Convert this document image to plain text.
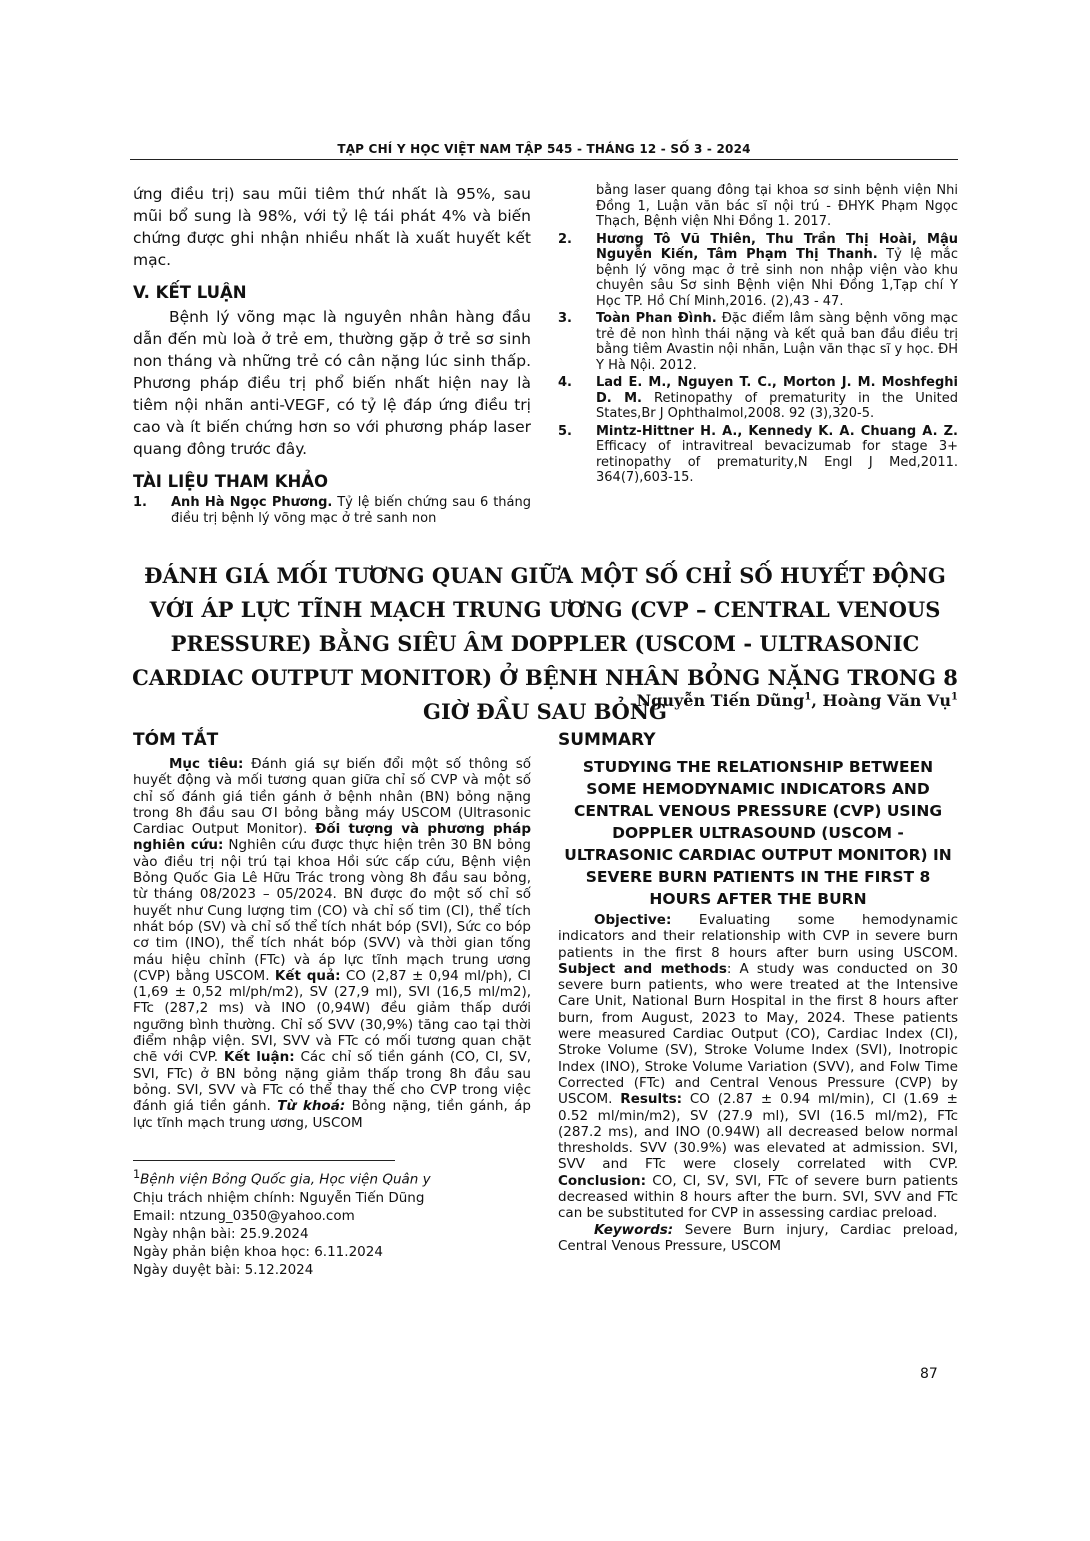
TẠP CHÍ Y HỌC VIỆT NAM TẬP 545 - THÁNG 12 - SỐ 3 - 2024

ứng điều trị) sau mũi tiêm thứ nhất là 95%, sau mũi bổ sung là 98%, với tỷ lệ tái phát 4% và biến chứng được ghi nhận nhiều nhất là xuất huyết kết mạc.

V. KẾT LUẬN

Bệnh lý võng mạc là nguyên nhân hàng đầu dẫn đến mù loà ở trẻ em, thường gặp ở trẻ sơ sinh non tháng và những trẻ có cân nặng lúc sinh thấp. Phương pháp điều trị phổ biến nhất hiện nay là tiêm nội nhãn anti-VEGF, có tỷ lệ đáp ứng điều trị cao và ít biến chứng hơn so với phương pháp laser quang đông trước đây.

TÀI LIỆU THAM KHẢO
1.	Anh Hà Ngọc Phương. Tỷ lệ biến chứng sau 6 tháng điều trị bệnh lý võng mạc ở trẻ sanh non

bằng laser quang đông tại khoa sơ sinh bệnh viện Nhi Đồng 1, Luận văn bác sĩ nội trú - ĐHYK Phạm Ngọc Thạch, Bệnh viện Nhi Đồng 1. 2017.

2.	Hương Tô Vũ Thiên, Thu Trần Thị Hoài, Mậu Nguyễn Kiến, Tâm Phạm Thị Thanh. Tỷ lệ mắc bệnh lý võng mạc ở trẻ sinh non nhập viện vào khu chuyên sâu Sơ sinh Bệnh viện Nhi Đồng 1,Tạp chí Y Học TP. Hồ Chí Minh,2016. (2),43 - 47.
3.	Toàn Phan Đình. Đặc điểm lâm sàng bệnh võng mạc trẻ đẻ non hình thái nặng và kết quả ban đầu điều trị bằng tiêm Avastin nội nhãn, Luận văn thạc sĩ y học. ĐH Y Hà Nội. 2012.
4.	Lad E. M., Nguyen T. C., Morton J. M. Moshfeghi D. M. Retinopathy of prematurity in the United States,Br J Ophthalmol,2008. 92 (3),320-5.
5.	Mintz-Hittner H. A., Kennedy K. A. Chuang A. Z. Efficacy of intravitreal bevacizumab for stage 3+ retinopathy of prematurity,N Engl J Med,2011. 364(7),603-15.
ĐÁNH GIÁ MỐI TƯƠNG QUAN GIỮA MỘT SỐ CHỈ SỐ HUYẾT ĐỘNG VỚI ÁP LỰC TĨNH MẠCH TRUNG ƯƠNG (CVP – CENTRAL VENOUS PRESSURE) BẰNG SIÊU ÂM DOPPLER (USCOM - ULTRASONIC CARDIAC OUTPUT MONITOR) Ở BỆNH NHÂN BỎNG NẶNG TRONG 8 GIỜ ĐẦU SAU BỎNG
Nguyễn Tiến Dũng$^1$, Hoàng Văn Vụ$^1$
TÓM TẮT

Mục tiêu: Đánh giá sự biến đổi một số thông số huyết động và mối tương quan giữa chỉ số CVP và một số chỉ số đánh giá tiền gánh ở bệnh nhân (BN) bỏng nặng trong 8h đầu sau ƠI bỏng bằng máy USCOM (Ultrasonic Cardiac Output Monitor). Đối tượng và phương pháp nghiên cứu: Nghiên cứu được thực hiện trên 30 BN bỏng vào điều trị nội trú tại khoa Hồi sức cấp cứu, Bệnh viện Bỏng Quốc Gia Lê Hữu Trác trong vòng 8h đầu sau bỏng, từ tháng 08/2023 – 05/2024. BN được đo một số chỉ số huyết như Cung lượng tim (CO) và chỉ số tim (CI), thể tích nhát bóp (SV) và chỉ số thể tích nhát bóp (SVI), Sức co bóp cơ tim (INO), thể tích nhát bóp (SVV) và thời gian tống máu hiệu chỉnh (FTc) và áp lực tĩnh mạch trung ương (CVP) bằng USCOM. Kết quả: CO (2,87 ± 0,94 ml/ph), CI (1,69 ± 0,52 ml/ph/m2), SV (27,9 ml), SVI (16,5 ml/m2), FTc (287,2 ms) và INO (0,94W) đều giảm thấp dưới ngưỡng bình thường. Chỉ số SVV (30,9%) tăng cao tại thời điểm nhập viện. SVI, SVV và FTc có mối tương quan chặt chẽ với CVP. Kết luận: Các chỉ số tiền gánh (CO, CI, SV, SVI, FTc) ở BN bỏng nặng giảm thấp trong 8h đầu sau bỏng. SVI, SVV và FTc có thể thay thế cho CVP trong việc đánh giá tiền gánh. Từ khoá: Bỏng nặng, tiền gánh, áp lực tĩnh mạch trung ương, USCOM

$^1$Bệnh viện Bỏng Quốc gia, Học viện Quân y
Chịu trách nhiệm chính: Nguyễn Tiến Dũng
Email: ntzung_0350@yahoo.com
Ngày nhận bài: 25.9.2024
Ngày phản biện khoa học: 6.11.2024
Ngày duyệt bài: 5.12.2024
SUMMARY
STUDYING THE RELATIONSHIP BETWEEN SOME HEMODYNAMIC INDICATORS AND CENTRAL VENOUS PRESSURE (CVP) USING DOPPLER ULTRASOUND (USCOM - ULTRASONIC CARDIAC OUTPUT MONITOR) IN SEVERE BURN PATIENTS IN THE FIRST 8 HOURS AFTER THE BURN

Objective: Evaluating some hemodynamic indicators and their relationship with CVP in severe burn patients in the first 8 hours after burn using USCOM. Subject and methods: A study was conducted on 30 severe burn patients, who were treated at the Intensive Care Unit, National Burn Hospital in the first 8 hours after burn, from August, 2023 to May, 2024. These patients were measured Cardiac Output (CO), Cardiac Index (CI), Stroke Volume (SV), Stroke Volume Index (SVI), Inotropic Index (INO), Stroke Volume Variation (SVV), and Folw Time Corrected (FTc) and Central Venous Pressure (CVP) by USCOM. Results: CO (2.87 ± 0.94 ml/min), CI (1.69 ± 0.52 ml/min/m2), SV (27.9 ml), SVI (16.5 ml/m2), FTc (287.2 ms), and INO (0.94W) all decreased below normal thresholds. SVV (30.9%) was elevated at admission. SVI, SVV and FTc were closely correlated with CVP. Conclusion: CO, CI, SV, SVI, FTc of severe burn patients decreased within 8 hours after the burn. SVI, SVV and FTc can be substituted for CVP in assessing cardiac preload.

Keywords: Severe Burn injury, Cardiac preload, Central Venous Pressure, USCOM

87
